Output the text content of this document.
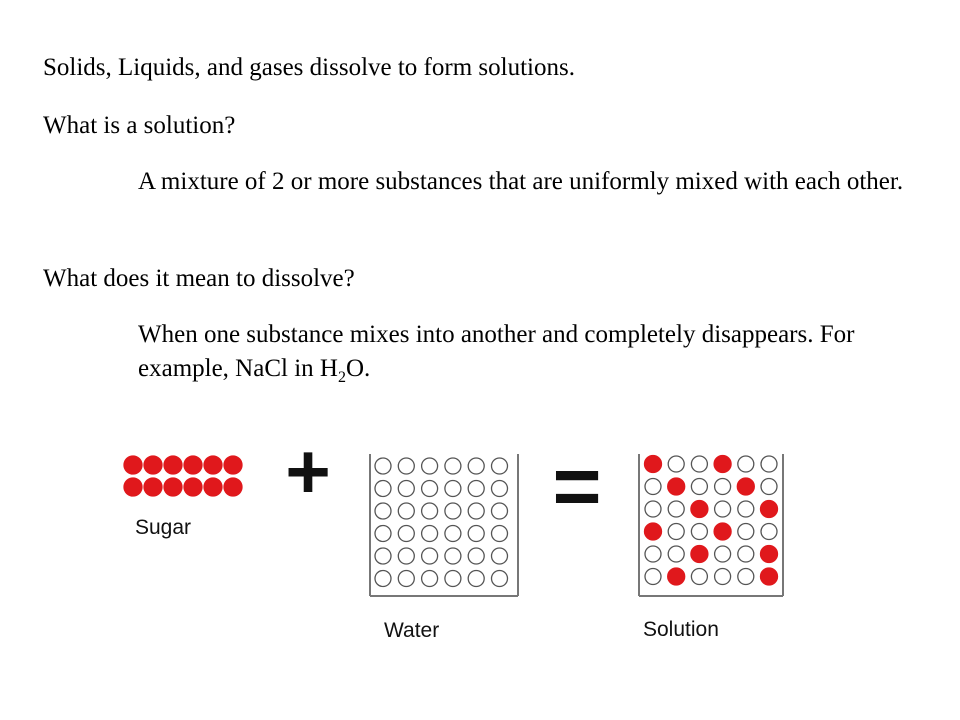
Solids, Liquids, and gases dissolve to form solutions.
What is a solution?
A mixture of 2 or more substances that are uniformly mixed with each other.
What does it mean to dissolve?
When one substance mixes into another and completely disappears. For example, NaCl in $H_2O$.
+	=
Sugar
Water	Solution
